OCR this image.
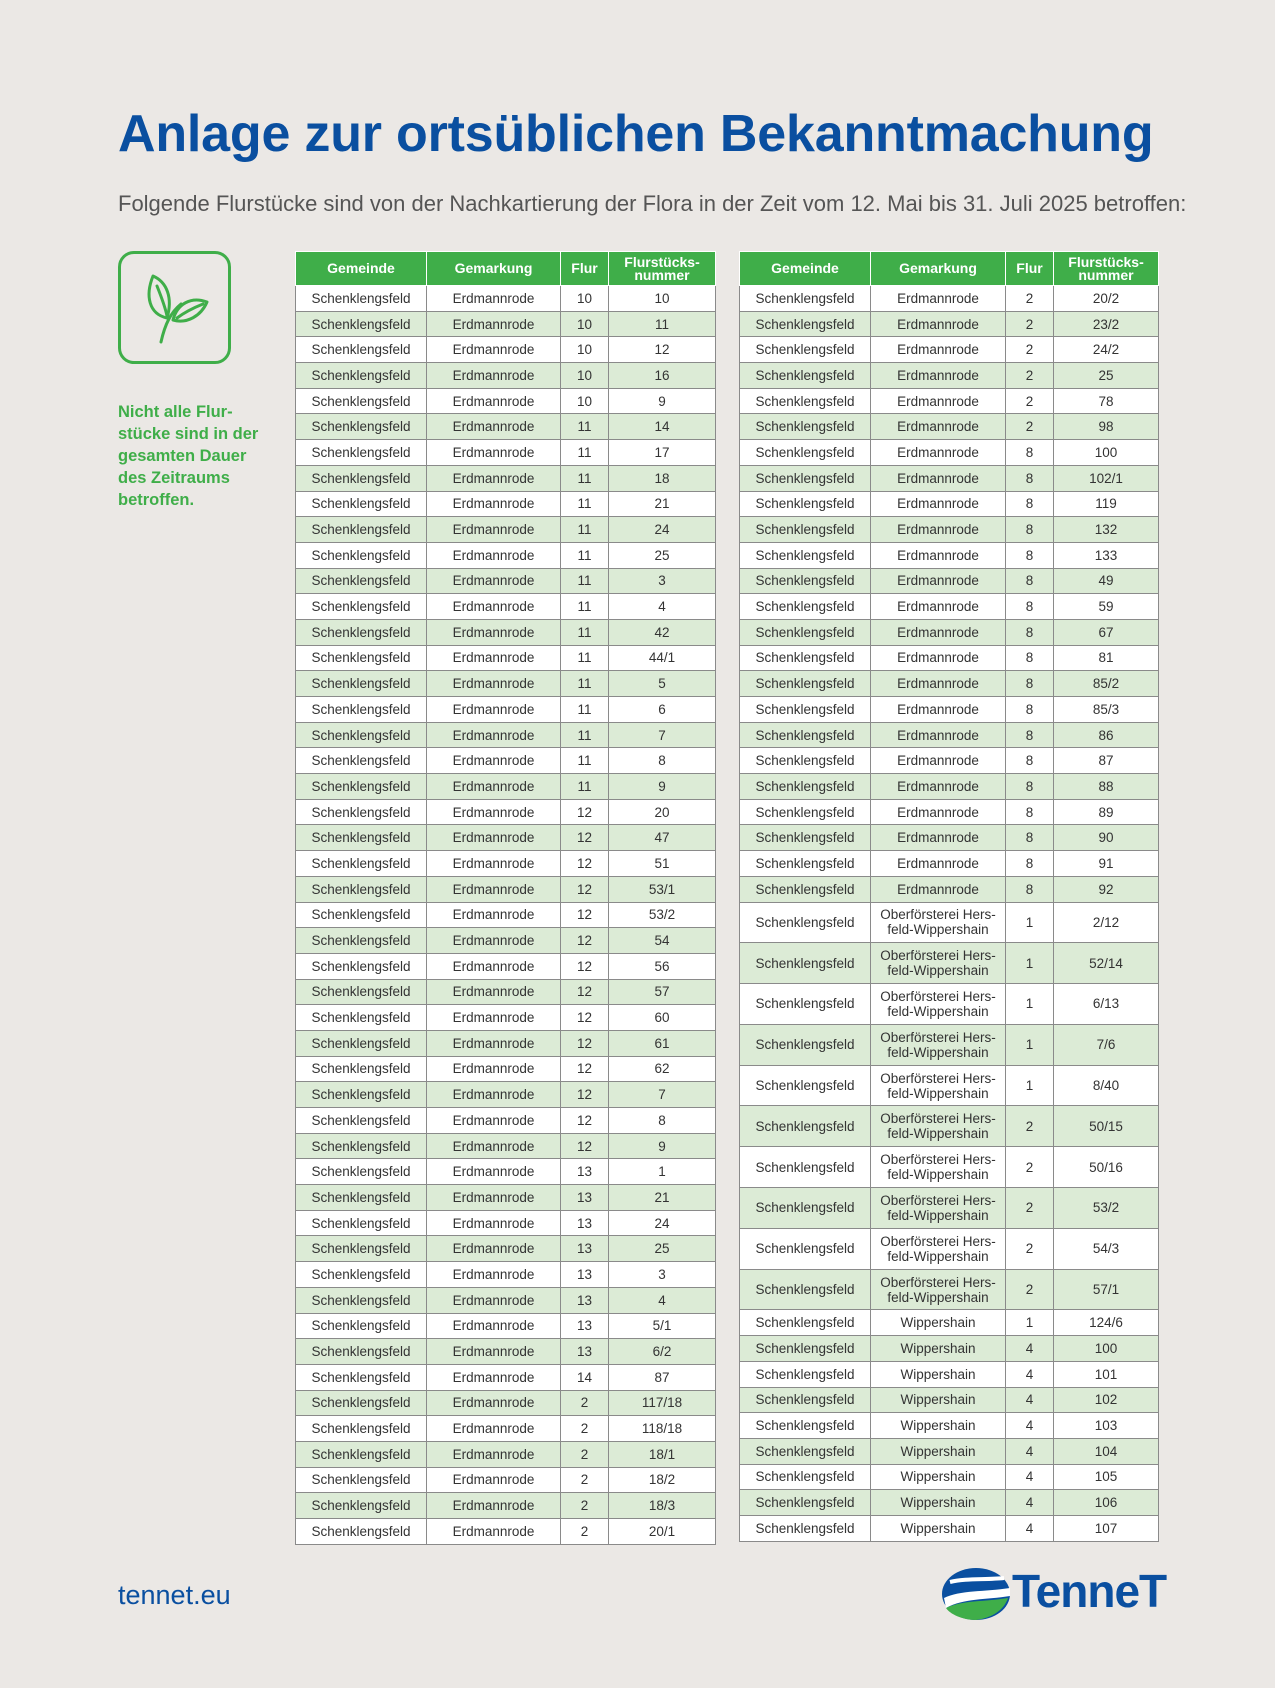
Anlage zur ortsüblichen Bekanntmachung
Folgende Flurstücke sind von der Nachkartierung der Flora in der Zeit vom 12. Mai bis 31. Juli 2025 betroffen:
Nicht alle Flur-
stücke sind in der
gesamten Dauer
des Zeitraums
betroffen.
Gemeinde	Gemarkung	Flur	Flurstücks-
nummer
Schenklengsfeld	Erdmannrode	10	10
Schenklengsfeld	Erdmannrode	10	11
Schenklengsfeld	Erdmannrode	10	12
Schenklengsfeld	Erdmannrode	10	16
Schenklengsfeld	Erdmannrode	10	9
Schenklengsfeld	Erdmannrode	11	14
Schenklengsfeld	Erdmannrode	11	17
Schenklengsfeld	Erdmannrode	11	18
Schenklengsfeld	Erdmannrode	11	21
Schenklengsfeld	Erdmannrode	11	24
Schenklengsfeld	Erdmannrode	11	25
Schenklengsfeld	Erdmannrode	11	3
Schenklengsfeld	Erdmannrode	11	4
Schenklengsfeld	Erdmannrode	11	42
Schenklengsfeld	Erdmannrode	11	44/1
Schenklengsfeld	Erdmannrode	11	5
Schenklengsfeld	Erdmannrode	11	6
Schenklengsfeld	Erdmannrode	11	7
Schenklengsfeld	Erdmannrode	11	8
Schenklengsfeld	Erdmannrode	11	9
Schenklengsfeld	Erdmannrode	12	20
Schenklengsfeld	Erdmannrode	12	47
Schenklengsfeld	Erdmannrode	12	51
Schenklengsfeld	Erdmannrode	12	53/1
Schenklengsfeld	Erdmannrode	12	53/2
Schenklengsfeld	Erdmannrode	12	54
Schenklengsfeld	Erdmannrode	12	56
Schenklengsfeld	Erdmannrode	12	57
Schenklengsfeld	Erdmannrode	12	60
Schenklengsfeld	Erdmannrode	12	61
Schenklengsfeld	Erdmannrode	12	62
Schenklengsfeld	Erdmannrode	12	7
Schenklengsfeld	Erdmannrode	12	8
Schenklengsfeld	Erdmannrode	12	9
Schenklengsfeld	Erdmannrode	13	1
Schenklengsfeld	Erdmannrode	13	21
Schenklengsfeld	Erdmannrode	13	24
Schenklengsfeld	Erdmannrode	13	25
Schenklengsfeld	Erdmannrode	13	3
Schenklengsfeld	Erdmannrode	13	4
Schenklengsfeld	Erdmannrode	13	5/1
Schenklengsfeld	Erdmannrode	13	6/2
Schenklengsfeld	Erdmannrode	14	87
Schenklengsfeld	Erdmannrode	2	117/18
Schenklengsfeld	Erdmannrode	2	118/18
Schenklengsfeld	Erdmannrode	2	18/1
Schenklengsfeld	Erdmannrode	2	18/2
Schenklengsfeld	Erdmannrode	2	18/3
Schenklengsfeld	Erdmannrode	2	20/1
Gemeinde	Gemarkung	Flur	Flurstücks-
nummer
Schenklengsfeld	Erdmannrode	2	20/2
Schenklengsfeld	Erdmannrode	2	23/2
Schenklengsfeld	Erdmannrode	2	24/2
Schenklengsfeld	Erdmannrode	2	25
Schenklengsfeld	Erdmannrode	2	78
Schenklengsfeld	Erdmannrode	2	98
Schenklengsfeld	Erdmannrode	8	100
Schenklengsfeld	Erdmannrode	8	102/1
Schenklengsfeld	Erdmannrode	8	119
Schenklengsfeld	Erdmannrode	8	132
Schenklengsfeld	Erdmannrode	8	133
Schenklengsfeld	Erdmannrode	8	49
Schenklengsfeld	Erdmannrode	8	59
Schenklengsfeld	Erdmannrode	8	67
Schenklengsfeld	Erdmannrode	8	81
Schenklengsfeld	Erdmannrode	8	85/2
Schenklengsfeld	Erdmannrode	8	85/3
Schenklengsfeld	Erdmannrode	8	86
Schenklengsfeld	Erdmannrode	8	87
Schenklengsfeld	Erdmannrode	8	88
Schenklengsfeld	Erdmannrode	8	89
Schenklengsfeld	Erdmannrode	8	90
Schenklengsfeld	Erdmannrode	8	91
Schenklengsfeld	Erdmannrode	8	92
Schenklengsfeld	Oberförsterei Hers-
feld-Wippershain	1	2/12
Schenklengsfeld	Oberförsterei Hers-
feld-Wippershain	1	52/14
Schenklengsfeld	Oberförsterei Hers-
feld-Wippershain	1	6/13
Schenklengsfeld	Oberförsterei Hers-
feld-Wippershain	1	7/6
Schenklengsfeld	Oberförsterei Hers-
feld-Wippershain	1	8/40
Schenklengsfeld	Oberförsterei Hers-
feld-Wippershain	2	50/15
Schenklengsfeld	Oberförsterei Hers-
feld-Wippershain	2	50/16
Schenklengsfeld	Oberförsterei Hers-
feld-Wippershain	2	53/2
Schenklengsfeld	Oberförsterei Hers-
feld-Wippershain	2	54/3
Schenklengsfeld	Oberförsterei Hers-
feld-Wippershain	2	57/1
Schenklengsfeld	Wippershain	1	124/6
Schenklengsfeld	Wippershain	4	100
Schenklengsfeld	Wippershain	4	101
Schenklengsfeld	Wippershain	4	102
Schenklengsfeld	Wippershain	4	103
Schenklengsfeld	Wippershain	4	104
Schenklengsfeld	Wippershain	4	105
Schenklengsfeld	Wippershain	4	106
Schenklengsfeld	Wippershain	4	107
tennet.eu	TenneT
